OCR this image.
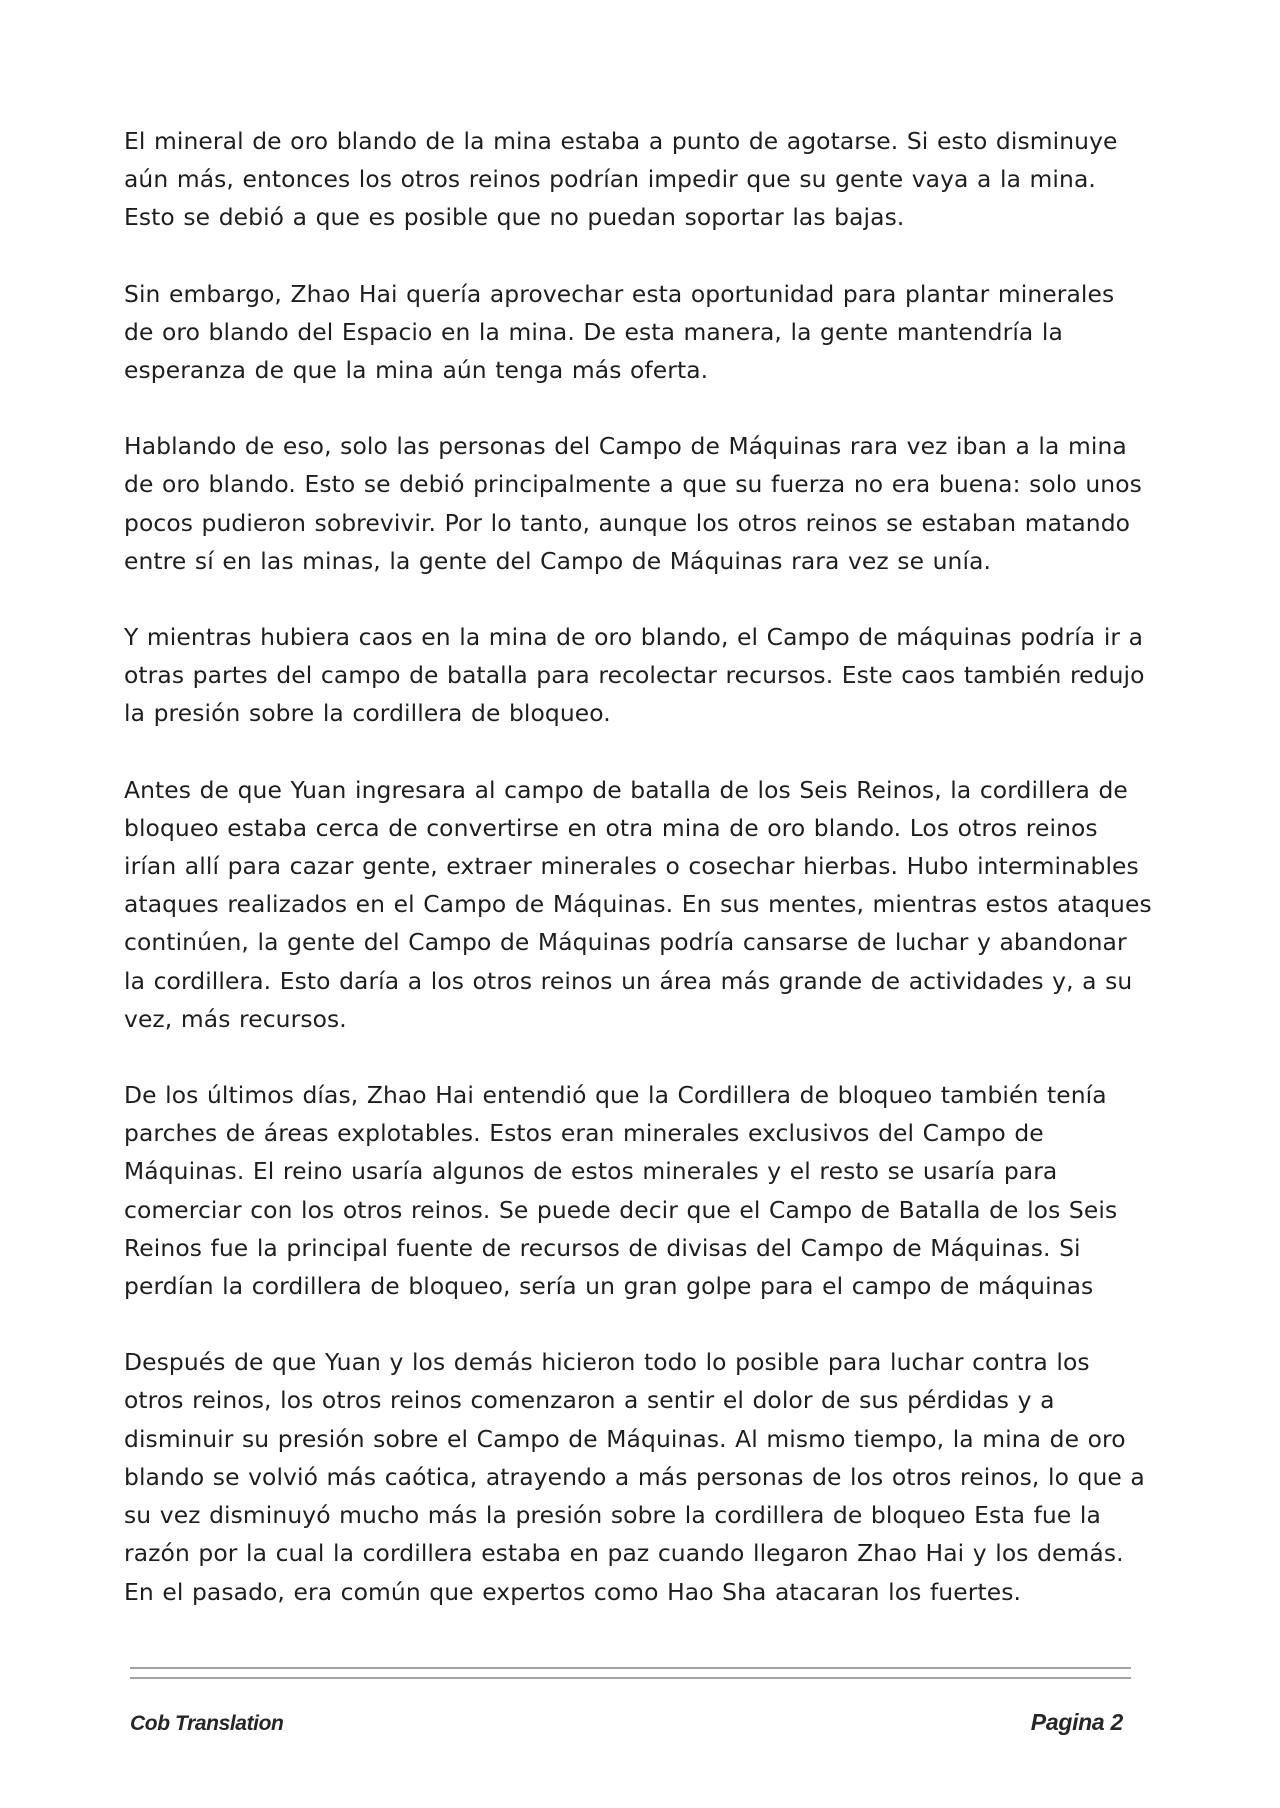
El mineral de oro blando de la mina estaba a punto de agotarse. Si esto disminuye aún más, entonces los otros reinos podrían impedir que su gente vaya a la mina. Esto se debió a que es posible que no puedan soportar las bajas.

Sin embargo, Zhao Hai quería aprovechar esta oportunidad para plantar minerales de oro blando del Espacio en la mina. De esta manera, la gente mantendría la esperanza de que la mina aún tenga más oferta.

Hablando de eso, solo las personas del Campo de Máquinas rara vez iban a la mina de oro blando. Esto se debió principalmente a que su fuerza no era buena: solo unos pocos pudieron sobrevivir. Por lo tanto, aunque los otros reinos se estaban matando entre sí en las minas, la gente del Campo de Máquinas rara vez se unía.

Y mientras hubiera caos en la mina de oro blando, el Campo de máquinas podría ir a otras partes del campo de batalla para recolectar recursos. Este caos también redujo la presión sobre la cordillera de bloqueo.

Antes de que Yuan ingresara al campo de batalla de los Seis Reinos, la cordillera de bloqueo estaba cerca de convertirse en otra mina de oro blando. Los otros reinos irían allí para cazar gente, extraer minerales o cosechar hierbas. Hubo interminables ataques realizados en el Campo de Máquinas. En sus mentes, mientras estos ataques continúen, la gente del Campo de Máquinas podría cansarse de luchar y abandonar la cordillera. Esto daría a los otros reinos un área más grande de actividades y, a su vez, más recursos.

De los últimos días, Zhao Hai entendió que la Cordillera de bloqueo también tenía parches de áreas explotables. Estos eran minerales exclusivos del Campo de Máquinas. El reino usaría algunos de estos minerales y el resto se usaría para comerciar con los otros reinos. Se puede decir que el Campo de Batalla de los Seis Reinos fue la principal fuente de recursos de divisas del Campo de Máquinas. Si perdían la cordillera de bloqueo, sería un gran golpe para el campo de máquinas

Después de que Yuan y los demás hicieron todo lo posible para luchar contra los otros reinos, los otros reinos comenzaron a sentir el dolor de sus pérdidas y a disminuir su presión sobre el Campo de Máquinas. Al mismo tiempo, la mina de oro blando se volvió más caótica, atrayendo a más personas de los otros reinos, lo que a su vez disminuyó mucho más la presión sobre la cordillera de bloqueo Esta fue la razón por la cual la cordillera estaba en paz cuando llegaron Zhao Hai y los demás. En el pasado, era común que expertos como Hao Sha atacaran los fuertes.

Cob Translation	Pagina 2
